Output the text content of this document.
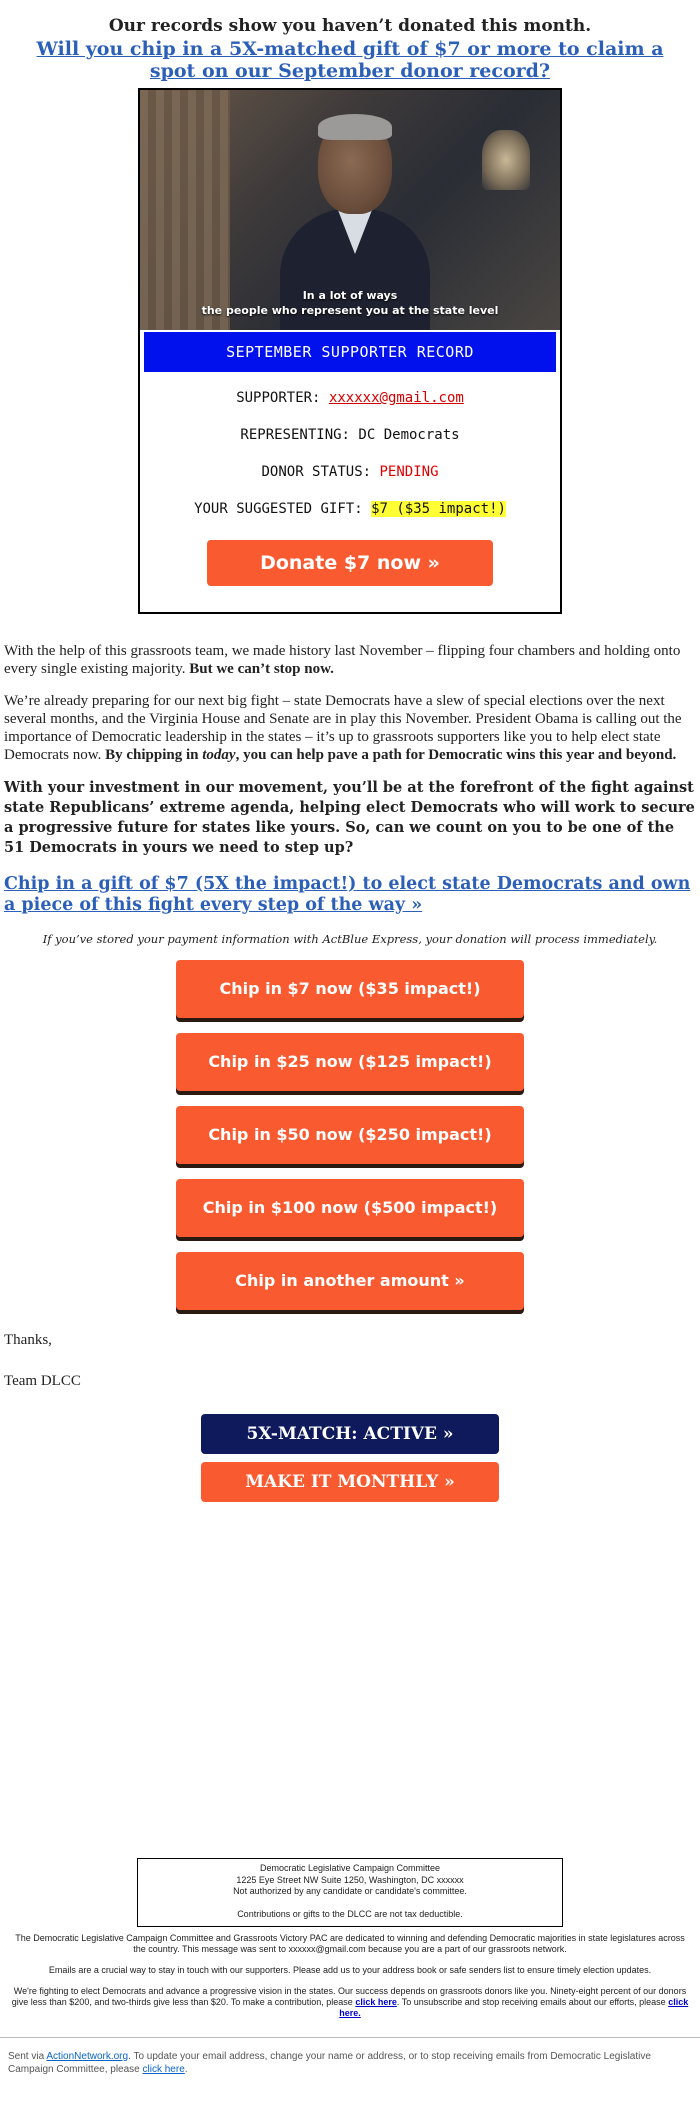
Our records show you haven’t donated this month.

Will you chip in a 5X-matched gift of $7 or more to claim a spot on our September donor record?
In a lot of ways
the people who represent you at the state level
SEPTEMBER SUPPORTER RECORD
SUPPORTER: xxxxxx@gmail.com
REPRESENTING: DC Democrats
DONOR STATUS: PENDING
YOUR SUGGESTED GIFT: $7 ($35 impact!)
Donate $7 now »

With the help of this grassroots team, we made history last November – flipping four chambers and holding onto every single existing majority. But we can’t stop now.

We’re already preparing for our next big fight – state Democrats have a slew of special elections over the next several months, and the Virginia House and Senate are in play this November. President Obama is calling out the importance of Democratic leadership in the states – it’s up to grassroots supporters like you to help elect state Democrats now. By chipping in today, you can help pave a path for Democratic wins this year and beyond.

With your investment in our movement, you’ll be at the forefront of the fight against state Republicans’ extreme agenda, helping elect Democrats who will work to secure a progressive future for states like yours. So, can we count on you to be one of the 51 Democrats in yours we need to step up?

Chip in a gift of $7 (5X the impact!) to elect state Democrats and own a piece of this fight every step of the way »

If you’ve stored your payment information with ActBlue Express, your donation will process immediately.

Chip in $7 now ($35 impact!)
Chip in $25 now ($125 impact!)
Chip in $50 now ($250 impact!)
Chip in $100 now ($500 impact!)
Chip in another amount »

Thanks,

Team DLCC

5X-MATCH: ACTIVE »
MAKE IT MONTHLY »
Democratic Legislative Campaign Committee
1225 Eye Street NW Suite 1250, Washington, DC xxxxxx
Not authorized by any candidate or candidate's committee.
Contributions or gifts to the DLCC are not tax deductible.

The Democratic Legislative Campaign Committee and Grassroots Victory PAC are dedicated to winning and defending Democratic majorities in state legislatures across the country. This message was sent to xxxxxx@gmail.com because you are a part of our grassroots network.

Emails are a crucial way to stay in touch with our supporters. Please add us to your address book or safe senders list to ensure timely election updates.

We're fighting to elect Democrats and advance a progressive vision in the states. Our success depends on grassroots donors like you. Ninety-eight percent of our donors give less than $200, and two-thirds give less than $20. To make a contribution, please click here. To unsubscribe and stop receiving emails about our efforts, please click here.

Sent via ActionNetwork.org. To update your email address, change your name or address, or to stop receiving emails from Democratic Legislative Campaign Committee, please click here.
